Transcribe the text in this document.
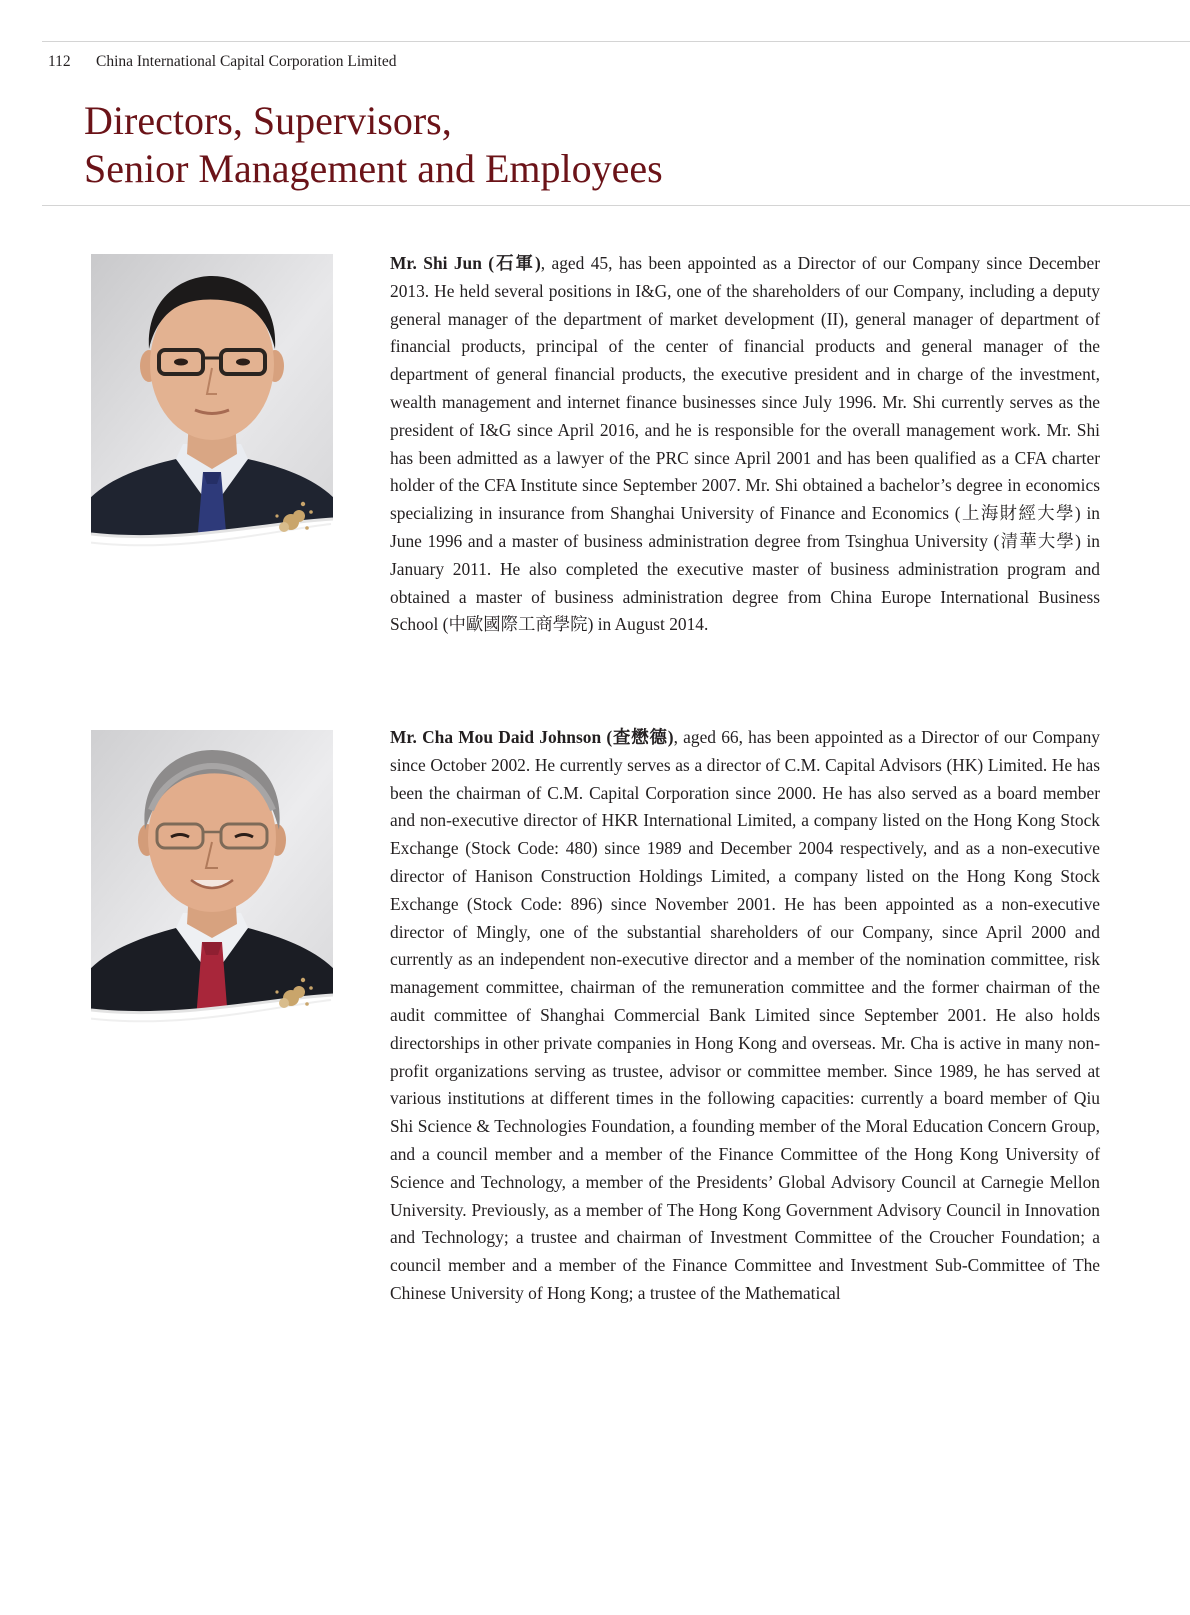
112 China International Capital Corporation Limited
Directors, Supervisors,
Senior Management and Employees

Mr. Shi Jun (石軍), aged 45, has been appointed as a Director of our Company since December 2013. He held several positions in I&G, one of the shareholders of our Company, including a deputy general manager of the department of market development (II), general manager of department of financial products, principal of the center of financial products and general manager of the department of general financial products, the executive president and in charge of the investment, wealth management and internet finance businesses since July 1996. Mr. Shi currently serves as the president of I&G since April 2016, and he is responsible for the overall management work. Mr. Shi has been admitted as a lawyer of the PRC since April 2001 and has been qualified as a CFA charter holder of the CFA Institute since September 2007. Mr. Shi obtained a bachelor’s degree in economics specializing in insurance from Shanghai University of Finance and Economics (上海財經大學) in June 1996 and a master of business administration degree from Tsinghua University (清華大學) in January 2011. He also completed the executive master of business administration program and obtained a master of business administration degree from China Europe International Business School (中歐國際工商學院) in August 2014.

Mr. Cha Mou Daid Johnson (查懋德), aged 66, has been appointed as a Director of our Company since October 2002. He currently serves as a director of C.M. Capital Advisors (HK) Limited. He has been the chairman of C.M. Capital Corporation since 2000. He has also served as a board member and non-executive director of HKR International Limited, a company listed on the Hong Kong Stock Exchange (Stock Code: 480) since 1989 and December 2004 respectively, and as a non-executive director of Hanison Construction Holdings Limited, a company listed on the Hong Kong Stock Exchange (Stock Code: 896) since November 2001. He has been appointed as a non-executive director of Mingly, one of the substantial shareholders of our Company, since April 2000 and currently as an independent non-executive director and a member of the nomination committee, risk management committee, chairman of the remuneration committee and the former chairman of the audit committee of Shanghai Commercial Bank Limited since September 2001. He also holds directorships in other private companies in Hong Kong and overseas. Mr. Cha is active in many non-profit organizations serving as trustee, advisor or committee member. Since 1989, he has served at various institutions at different times in the following capacities: currently a board member of Qiu Shi Science & Technologies Foundation, a founding member of the Moral Education Concern Group, and a council member and a member of the Finance Committee of the Hong Kong University of Science and Technology, a member of the Presidents’ Global Advisory Council at Carnegie Mellon University. Previously, as a member of The Hong Kong Government Advisory Council in Innovation and Technology; a trustee and chairman of Investment Committee of the Croucher Foundation; a council member and a member of the Finance Committee and Investment Sub-Committee of The Chinese University of Hong Kong; a trustee of the Mathematical
